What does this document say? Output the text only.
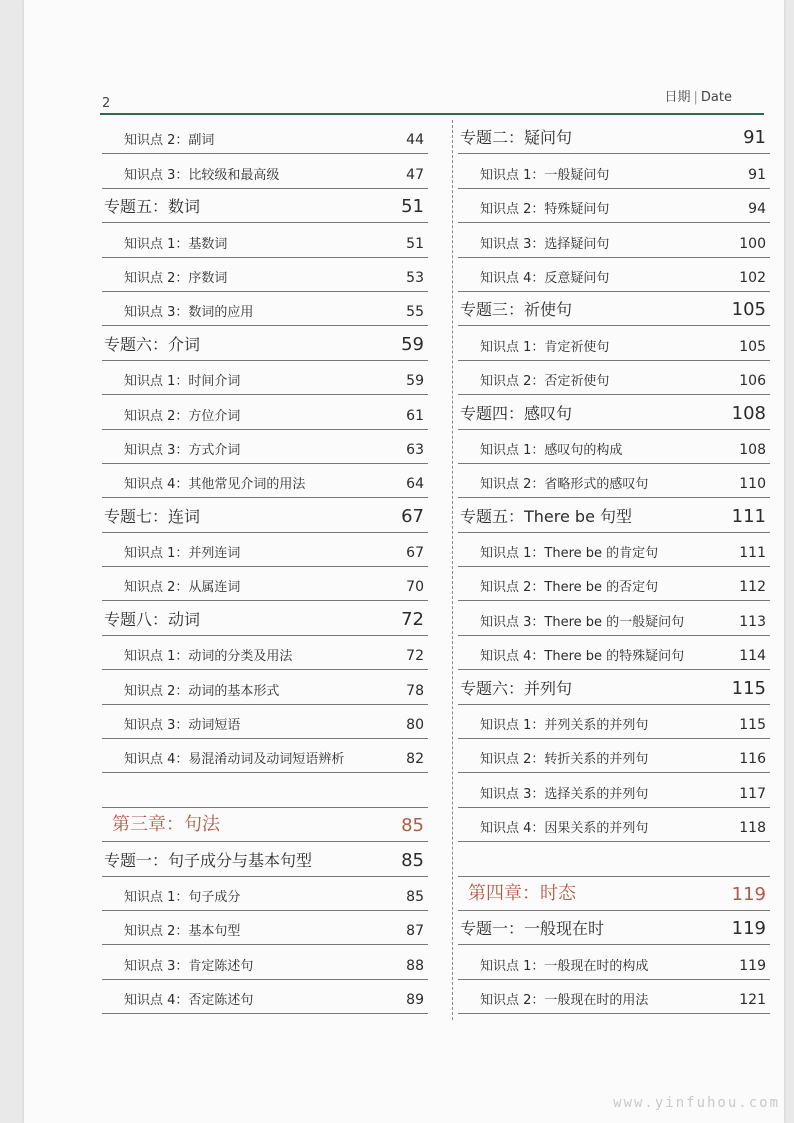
2	日期 | Date
知识点 2：副词	44
知识点 3：比较级和最高级	47
专题五：数词	51
知识点 1：基数词	51
知识点 2：序数词	53
知识点 3：数词的应用	55
专题六：介词	59
知识点 1：时间介词	59
知识点 2：方位介词	61
知识点 3：方式介词	63
知识点 4：其他常见介词的用法	64
专题七：连词	67
知识点 1：并列连词	67
知识点 2：从属连词	70
专题八：动词	72
知识点 1：动词的分类及用法	72
知识点 2：动词的基本形式	78
知识点 3：动词短语	80
知识点 4：易混淆动词及动词短语辨析	82
第三章：句法	85
专题一：句子成分与基本句型	85
知识点 1：句子成分	85
知识点 2：基本句型	87
知识点 3：肯定陈述句	88
知识点 4：否定陈述句	89
专题二：疑问句	91
知识点 1：一般疑问句	91
知识点 2：特殊疑问句	94
知识点 3：选择疑问句	100
知识点 4：反意疑问句	102
专题三：祈使句	105
知识点 1：肯定祈使句	105
知识点 2：否定祈使句	106
专题四：感叹句	108
知识点 1：感叹句的构成	108
知识点 2：省略形式的感叹句	110
专题五：There be 句型	111
知识点 1：There be 的肯定句	111
知识点 2：There be 的否定句	112
知识点 3：There be 的一般疑问句	113
知识点 4：There be 的特殊疑问句	114
专题六：并列句	115
知识点 1：并列关系的并列句	115
知识点 2：转折关系的并列句	116
知识点 3：选择关系的并列句	117
知识点 4：因果关系的并列句	118
第四章：时态	119
专题一：一般现在时	119
知识点 1：一般现在时的构成	119
知识点 2：一般现在时的用法	121
www.yinfuhou.com
